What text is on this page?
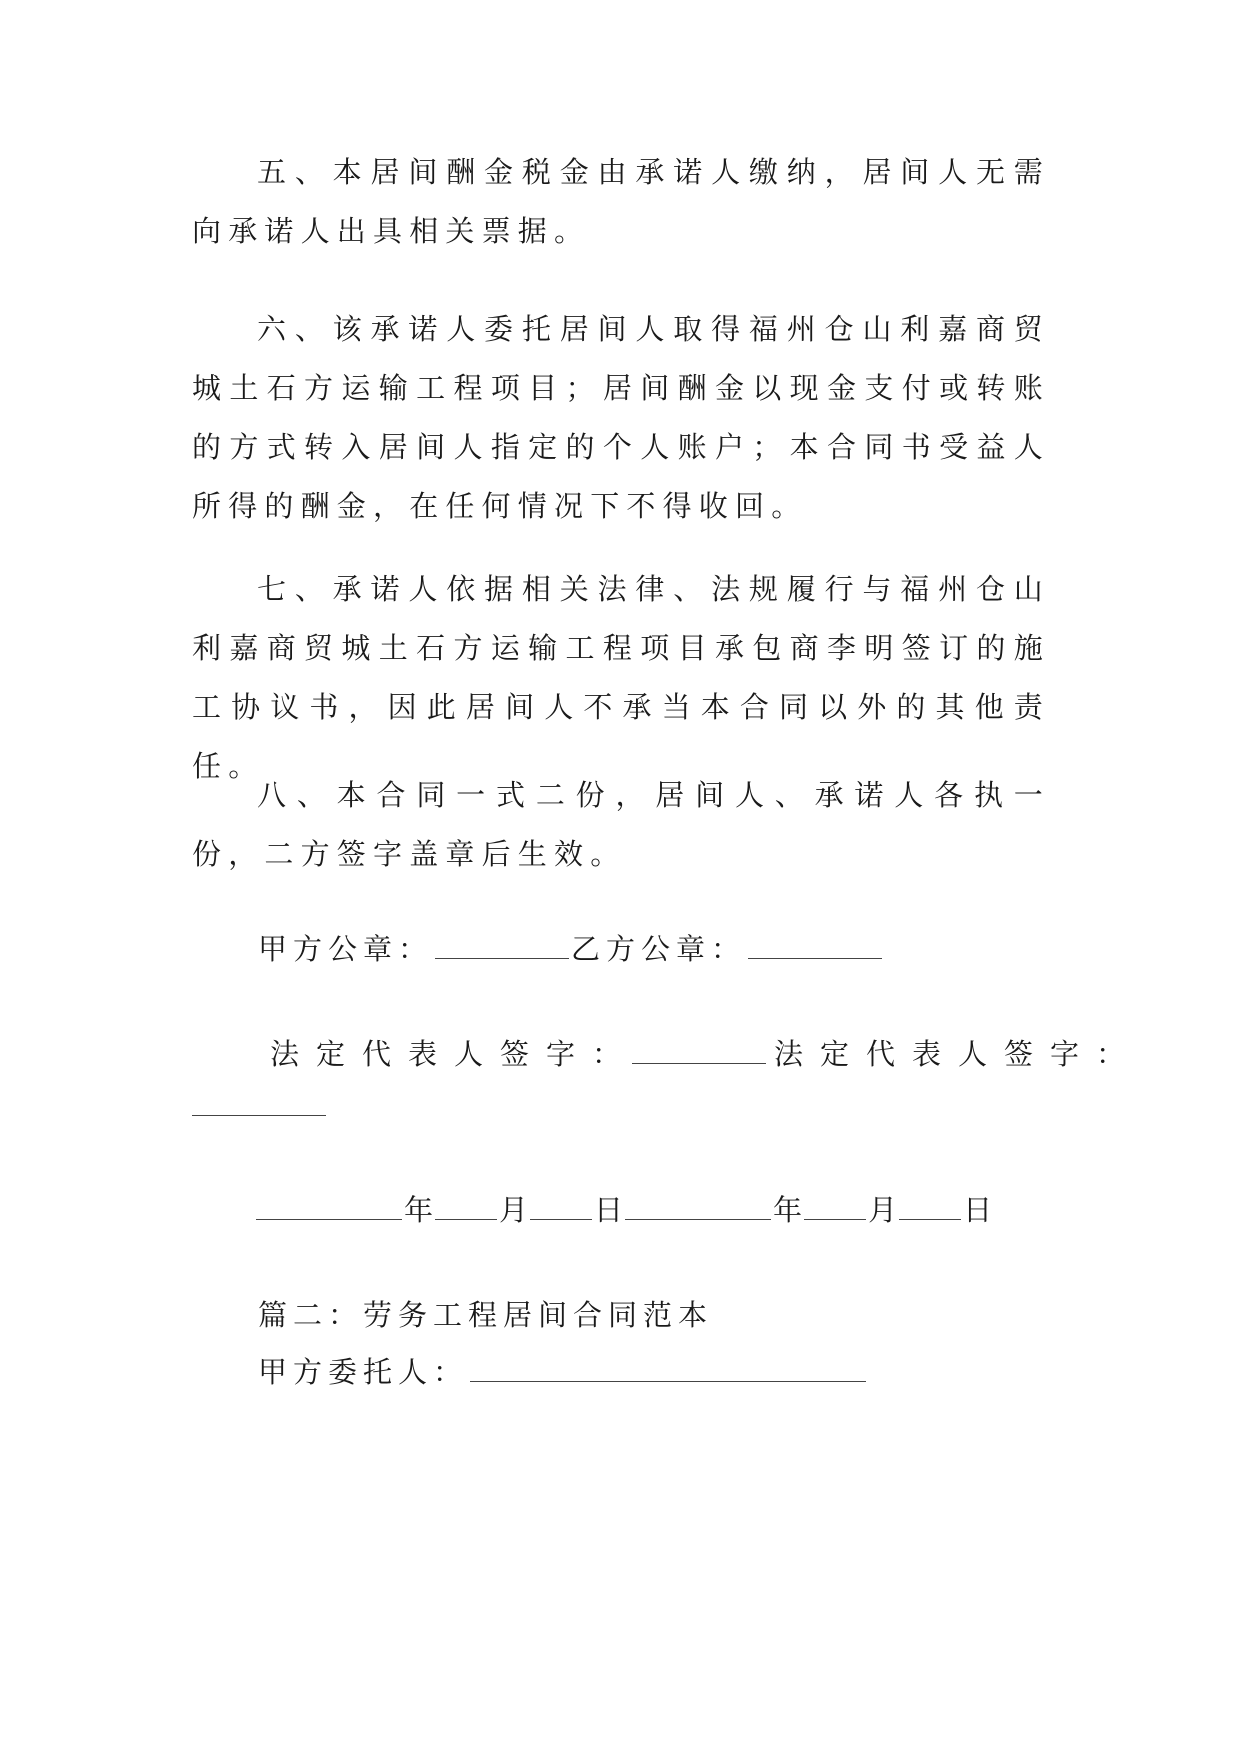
五、本居间酬金税金由承诺人缴纳，居间人无需向承诺人出具相关票据。

六、该承诺人委托居间人取得福州仓山利嘉商贸城土石方运输工程项目；居间酬金以现金支付或转账的方式转入居间人指定的个人账户；本合同书受益人所得的酬金，在任何情况下不得收回。

七、承诺人依据相关法律、法规履行与福州仓山利嘉商贸城土石方运输工程项目承包商李明签订的施工协议书，因此居间人不承当本合同以外的其他责任。

八、本合同一式二份，居间人、承诺人各执一份，二方签字盖章后生效。

甲方公章：	乙方公章：
法定代表人签字：	法定代表人签字：
年 月 日	年 月 日
篇二：劳务工程居间合同范本
甲方委托人：
